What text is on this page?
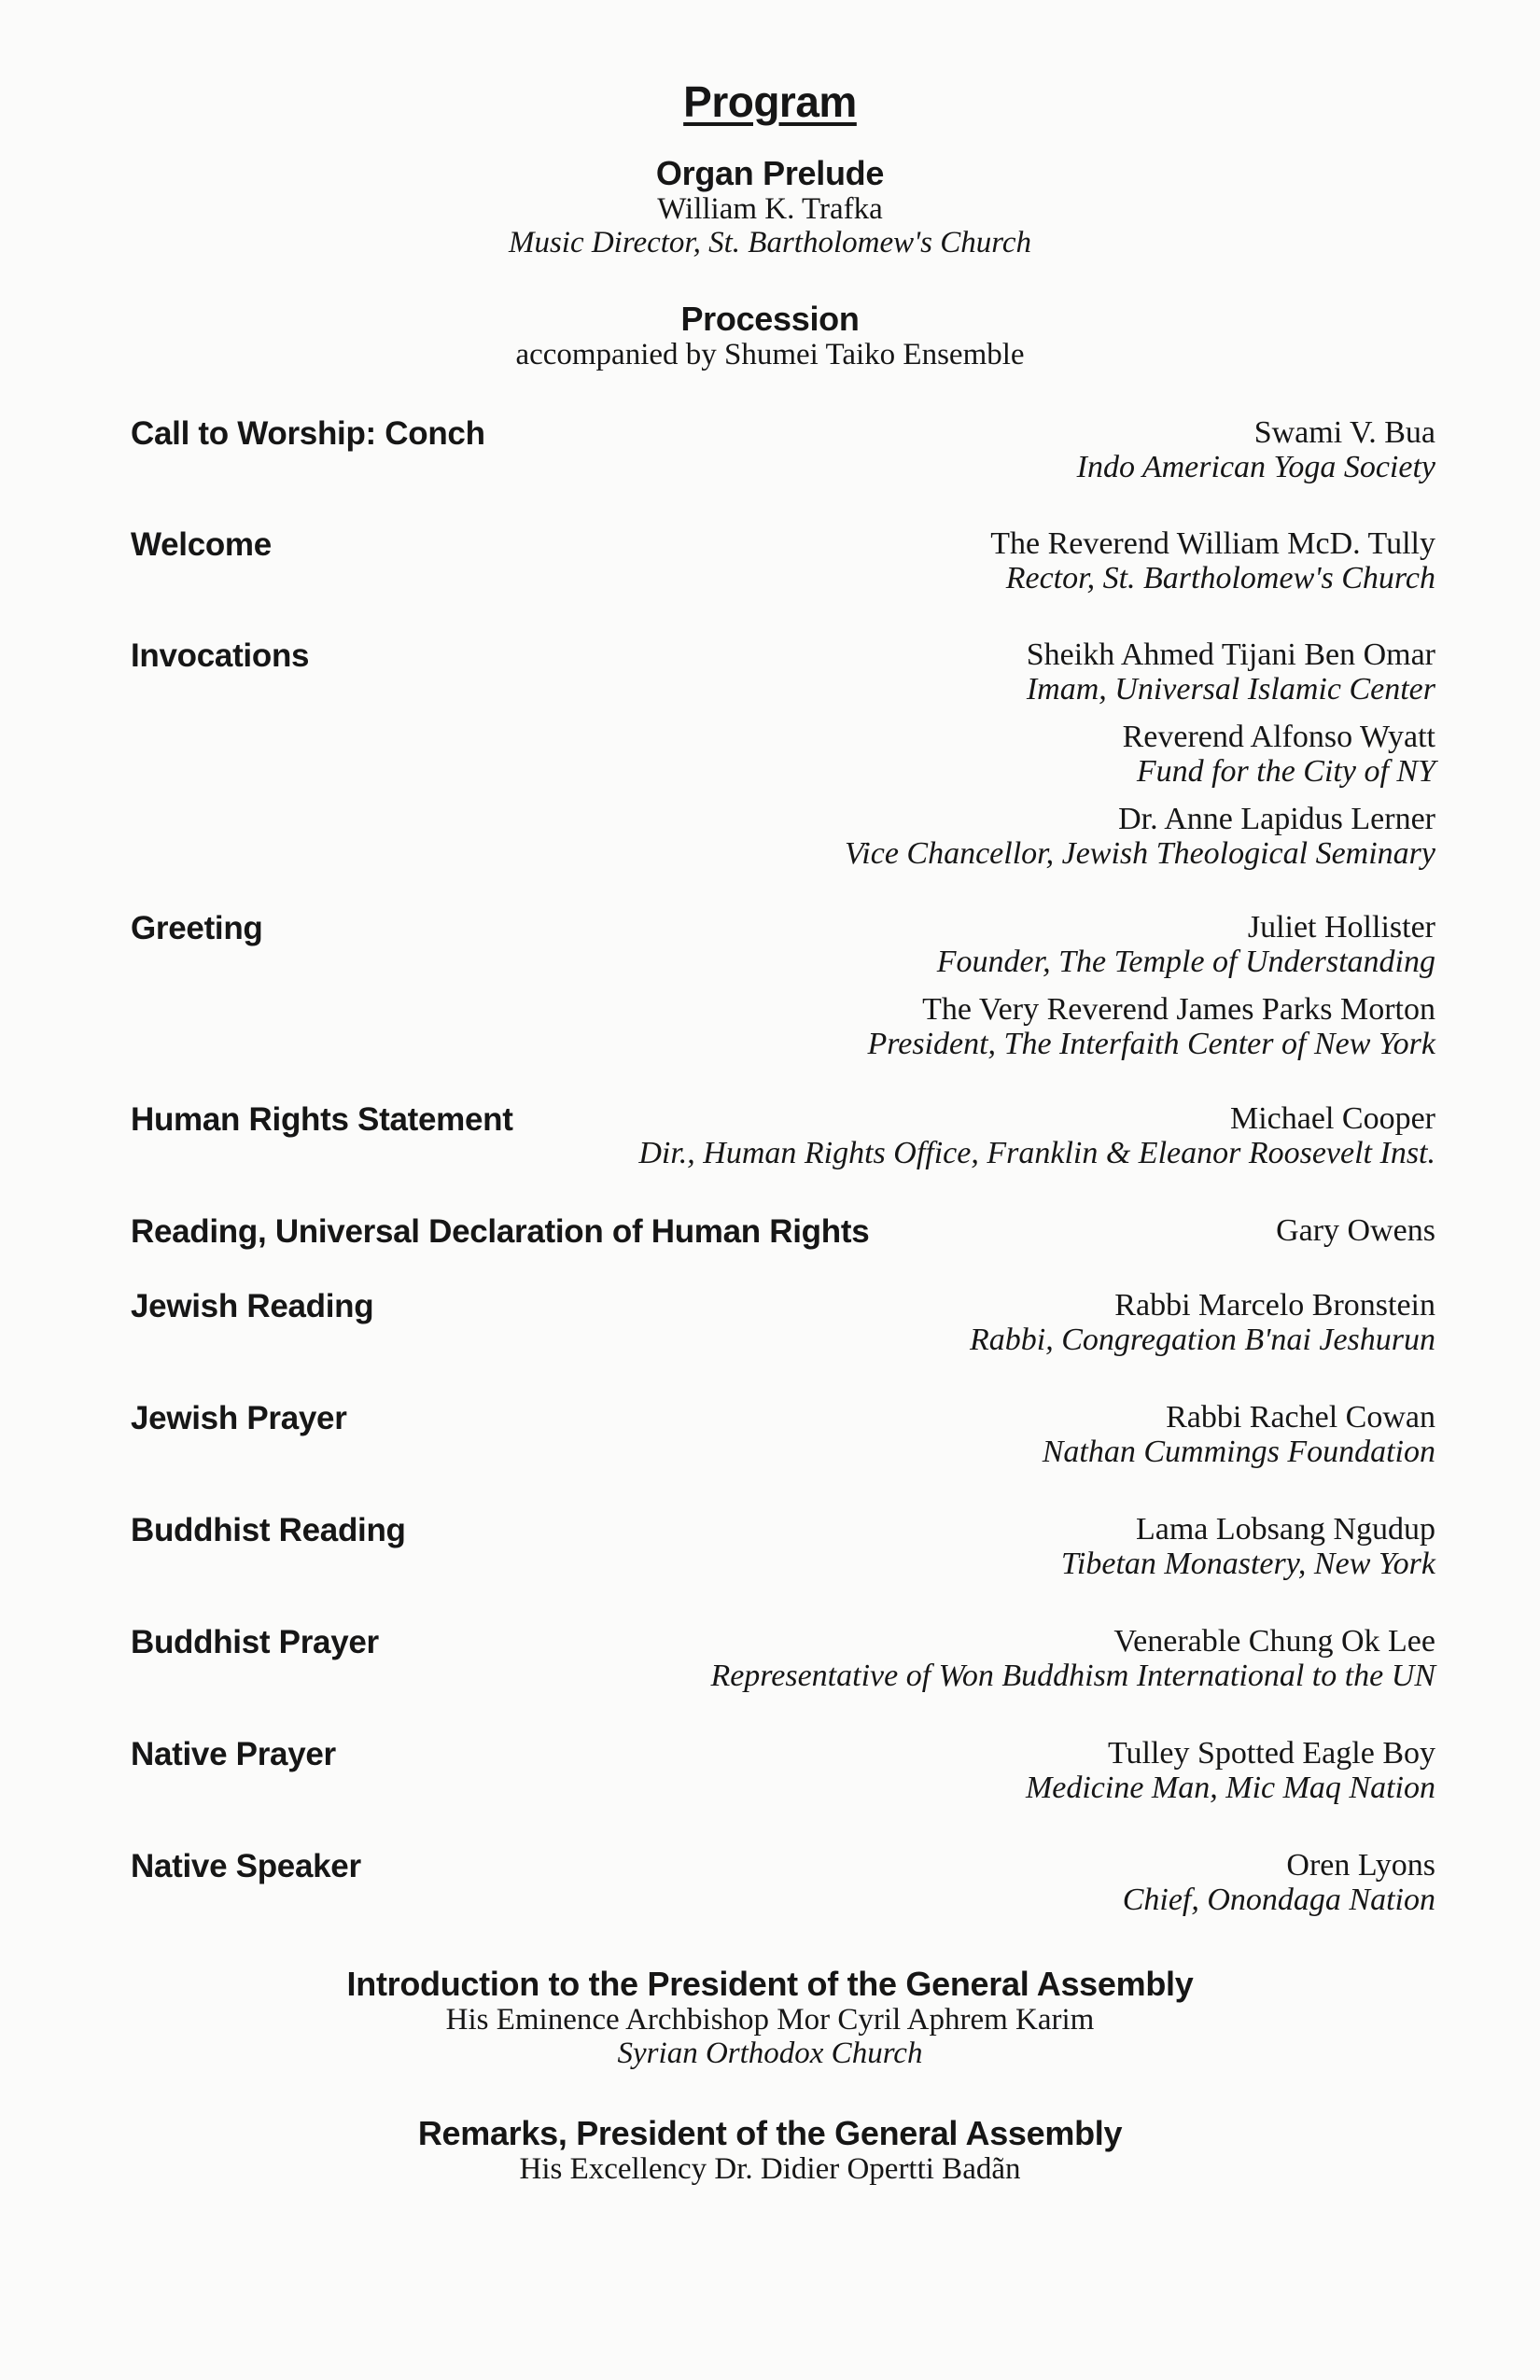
Program
Organ Prelude
William K. Trafka
Music Director, St. Bartholomew's Church
Procession
accompanied by Shumei Taiko Ensemble
Call to Worship: Conch	Swami V. Bua
Indo American Yoga Society
Welcome	The Reverend William McD. Tully
Rector, St. Bartholomew's Church
Invocations	Sheikh Ahmed Tijani Ben Omar
Imam, Universal Islamic Center
Reverend Alfonso Wyatt
Fund for the City of NY
Dr. Anne Lapidus Lerner
Vice Chancellor, Jewish Theological Seminary
Greeting	Juliet Hollister
Founder, The Temple of Understanding
The Very Reverend James Parks Morton
President, The Interfaith Center of New York
Human Rights Statement	Michael Cooper
Dir., Human Rights Office, Franklin & Eleanor Roosevelt Inst.
Reading, Universal Declaration of Human Rights	Gary Owens
Jewish Reading	Rabbi Marcelo Bronstein
Rabbi, Congregation B'nai Jeshurun
Jewish Prayer	Rabbi Rachel Cowan
Nathan Cummings Foundation
Buddhist Reading	Lama Lobsang Ngudup
Tibetan Monastery, New York
Buddhist Prayer	Venerable Chung Ok Lee
Representative of Won Buddhism International to the UN
Native Prayer	Tulley Spotted Eagle Boy
Medicine Man, Mic Maq Nation
Native Speaker	Oren Lyons
Chief, Onondaga Nation
Introduction to the President of the General Assembly
His Eminence Archbishop Mor Cyril Aphrem Karim
Syrian Orthodox Church
Remarks, President of the General Assembly
His Excellency Dr. Didier Opertti Badãn
